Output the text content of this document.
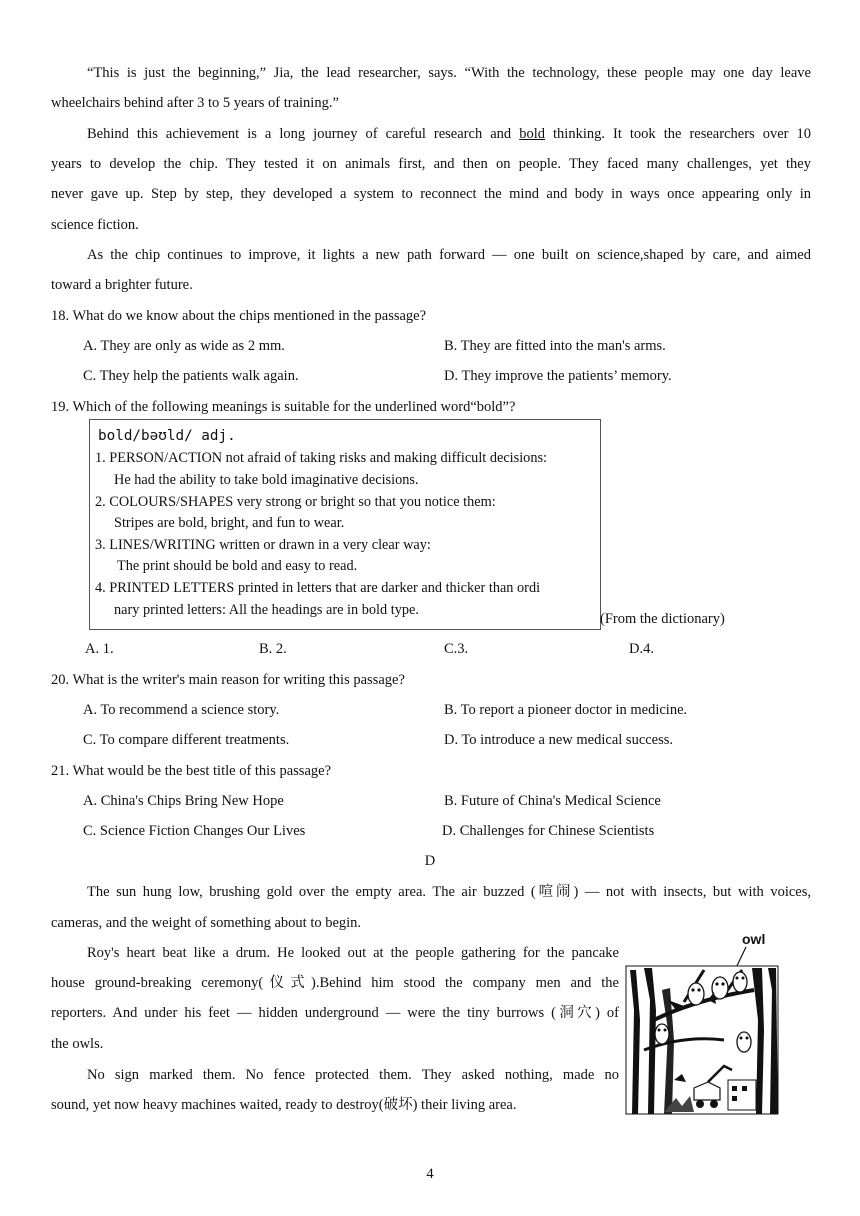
“This is just the beginning,” Jia, the lead researcher, says. “With the technology, these people may one day leave
wheelchairs behind after 3 to 5 years of training.”
Behind this achievement is a long journey of careful research and bold thinking. It took the researchers over 10
years to develop the chip. They tested it on animals first, and then on people. They faced many challenges, yet they
never gave up. Step by step, they developed a system to reconnect the mind and body in ways once appearing only in
science fiction.
As the chip continues to improve, it lights a new path forward — one built on science,shaped by care, and aimed
toward a brighter future.
18. What do we know about the chips mentioned in the passage?
A. They are only as wide as 2 mm.	B. They are fitted into the man's arms.
C. They help the patients walk again.	D. They improve the patients’ memory.
19. Which of the following meanings is suitable for the underlined word“bold”?
bold/bəʊld/ adj.
1. PERSON/ACTION not afraid of taking risks and making difficult decisions:
He had the ability to take bold imaginative decisions.
2. COLOURS/SHAPES very strong or bright so that you notice them:
Stripes are bold, bright, and fun to wear.
3. LINES/WRITING written or drawn in a very clear way:
The print should be bold and easy to read.
4. PRINTED LETTERS printed in letters that are darker and thicker than ordi
nary printed letters: All the headings are in bold type.
(From the dictionary)
A. 1.	B. 2.	C.3.	D.4.
20. What is the writer's main reason for writing this passage?
A. To recommend a science story.	B. To report a pioneer doctor in medicine.
C. To compare different treatments.	D. To introduce a new medical success.
21. What would be the best title of this passage?
A. China's Chips Bring New Hope	B. Future of China's Medical Science
C. Science Fiction Changes Our Lives	D. Challenges for Chinese Scientists
D
The sun hung low, brushing gold over the empty area. The air buzzed (喧闹) — not with insects, but with voices,
cameras, and the weight of something about to begin.
Roy's heart beat like a drum. He looked out at the people gathering for the pancake
house ground-breaking ceremony(仪式).Behind him stood the company men and the
reporters. And under his feet — hidden underground — were the tiny burrows (洞穴) of
the owls.
No sign marked them. No fence protected them. They asked nothing, made no
sound, yet now heavy machines waited, ready to destroy(破坏) their living area.
owl
4
